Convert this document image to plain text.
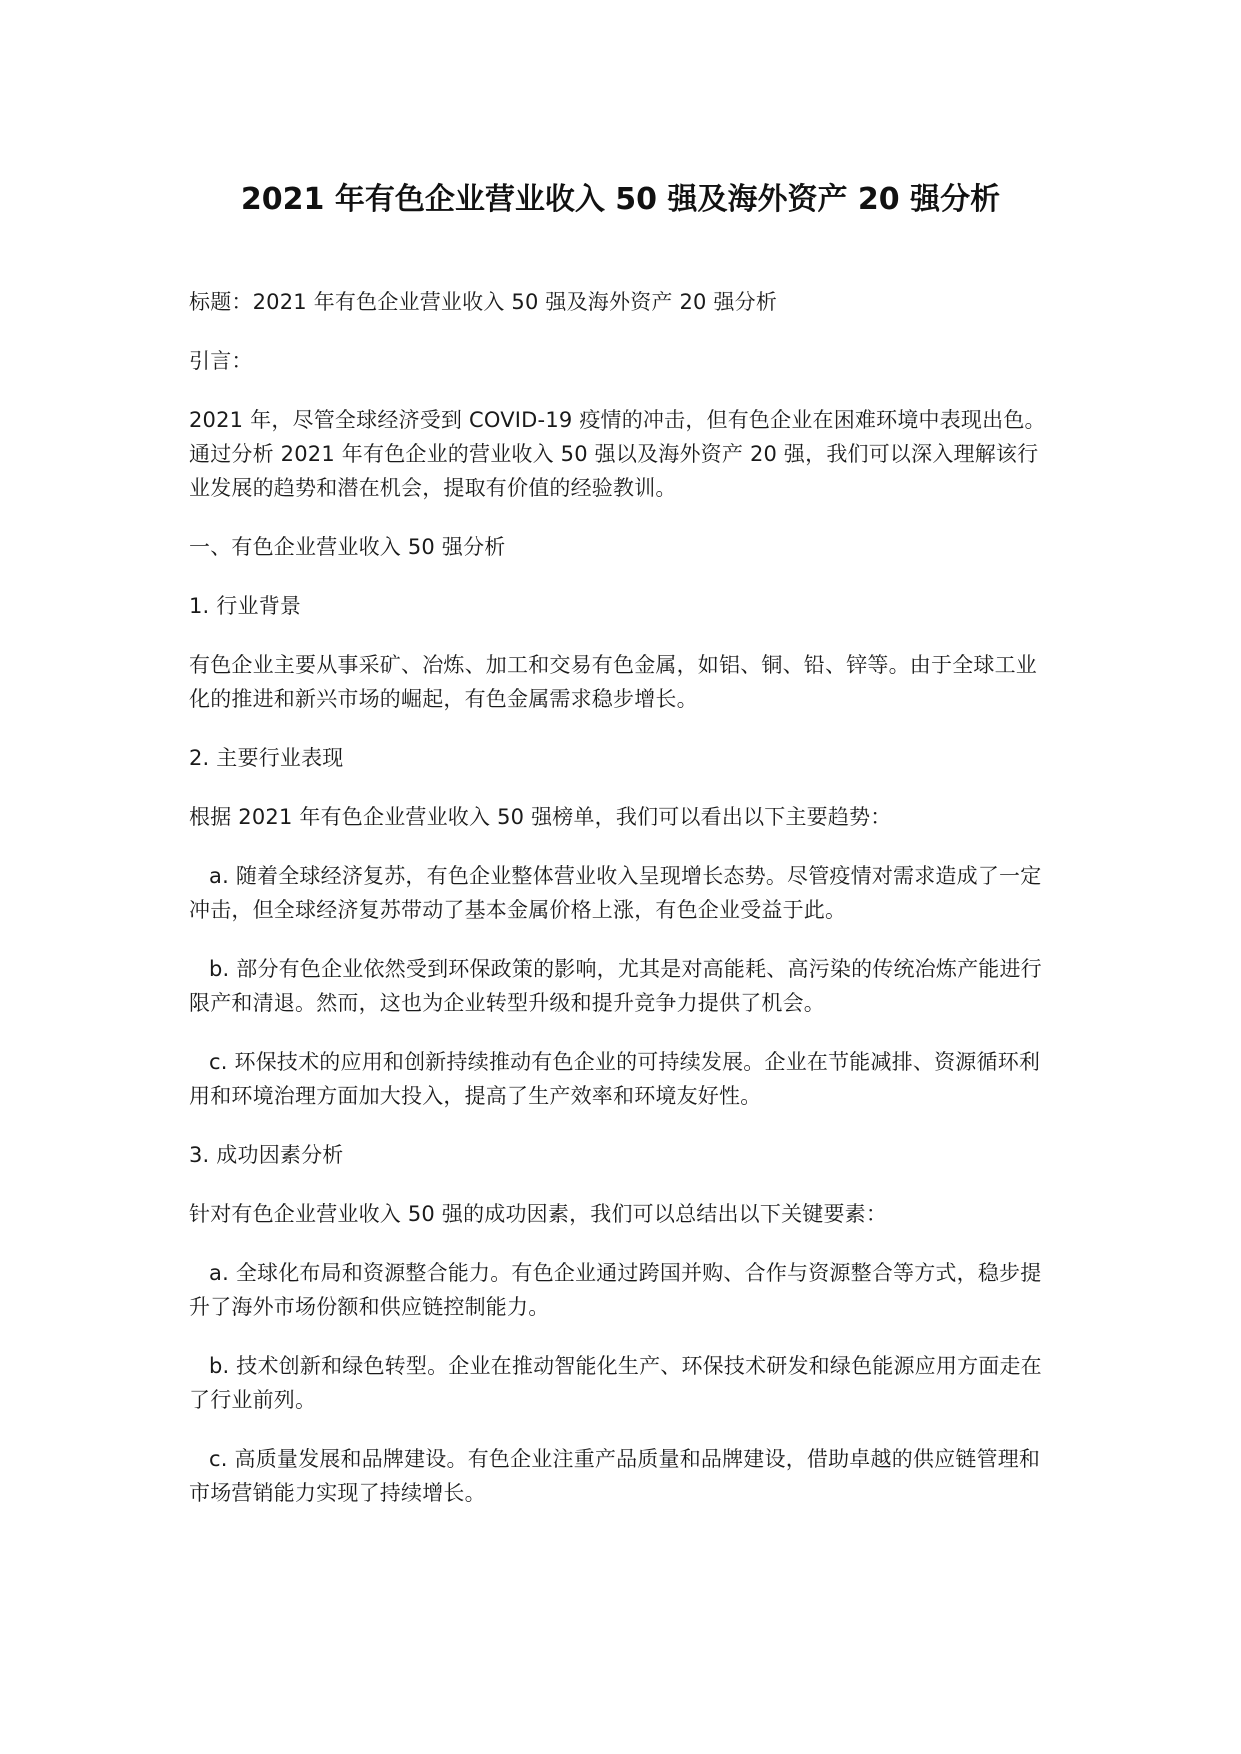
2021 年有色企业营业收入 50 强及海外资产 20 强分析

标题：2021 年有色企业营业收入 50 强及海外资产 20 强分析

引言：

2021 年，尽管全球经济受到 COVID-19 疫情的冲击，但有色企业在困难环境中表现出色。通过分析 2021 年有色企业的营业收入 50 强以及海外资产 20 强，我们可以深入理解该行业发展的趋势和潜在机会，提取有价值的经验教训。

一、有色企业营业收入 50 强分析

1. 行业背景

有色企业主要从事采矿、冶炼、加工和交易有色金属，如铝、铜、铅、锌等。由于全球工业化的推进和新兴市场的崛起，有色金属需求稳步增长。

2. 主要行业表现

根据 2021 年有色企业营业收入 50 强榜单，我们可以看出以下主要趋势：

a. 随着全球经济复苏，有色企业整体营业收入呈现增长态势。尽管疫情对需求造成了一定冲击，但全球经济复苏带动了基本金属价格上涨，有色企业受益于此。

b. 部分有色企业依然受到环保政策的影响，尤其是对高能耗、高污染的传统冶炼产能进行限产和清退。然而，这也为企业转型升级和提升竞争力提供了机会。

c. 环保技术的应用和创新持续推动有色企业的可持续发展。企业在节能减排、资源循环利用和环境治理方面加大投入，提高了生产效率和环境友好性。

3. 成功因素分析

针对有色企业营业收入 50 强的成功因素，我们可以总结出以下关键要素：

a. 全球化布局和资源整合能力。有色企业通过跨国并购、合作与资源整合等方式，稳步提升了海外市场份额和供应链控制能力。

b. 技术创新和绿色转型。企业在推动智能化生产、环保技术研发和绿色能源应用方面走在了行业前列。

c. 高质量发展和品牌建设。有色企业注重产品质量和品牌建设，借助卓越的供应链管理和市场营销能力实现了持续增长。
